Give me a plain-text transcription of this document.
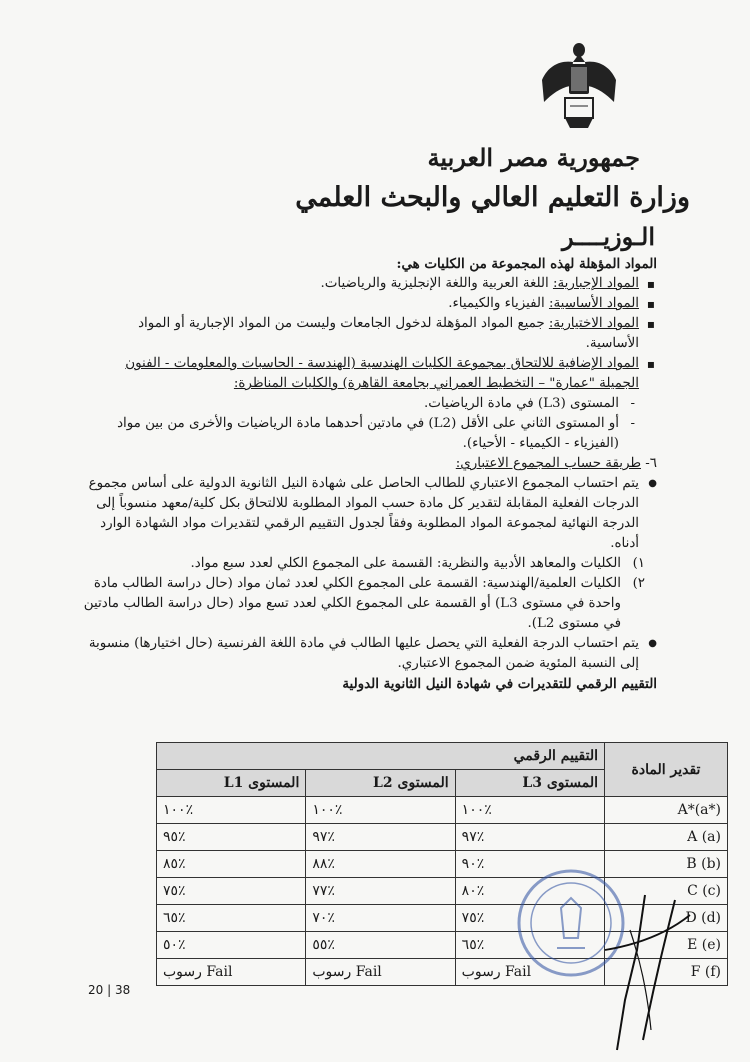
جمهورية مصر العربية
وزارة التعليم العالي والبحث العلمي
الـوزيــــر

المواد المؤهلة لهذه المجموعة من الكليات هي:

▪ المواد الإجبارية: اللغة العربية واللغة الإنجليزية والرياضيات.

▪ المواد الأساسية: الفيزياء والكيمياء.

▪ المواد الاختيارية: جميع المواد المؤهلة لدخول الجامعات وليست من المواد الإجبارية أو المواد الأساسية.

▪ المواد الإضافية للالتحاق بمجموعة الكليات الهندسية (الهندسة - الحاسبات والمعلومات - الفنون الجميلة "عمارة" – التخطيط العمراني بجامعة القاهرة) والكليات المناظرة:

- المستوى (L3) في مادة الرياضيات.

- أو المستوى الثاني على الأقل (L2) في مادتين أحدهما مادة الرياضيات والأخرى من بين مواد (الفيزياء - الكيمياء - الأحياء).

٦- طريقة حساب المجموع الاعتباري:

● يتم احتساب المجموع الاعتباري للطالب الحاصل على شهادة النيل الثانوية الدولية على أساس مجموع الدرجات الفعلية المقابلة لتقدير كل مادة حسب المواد المطلوبة للالتحاق بكل كلية/معهد منسوباً إلى الدرجة النهائية لمجموعة المواد المطلوبة وفقاً لجدول التقييم الرقمي لتقديرات مواد الشهادة الوارد أدناه.

١)
الكليات والمعاهد الأدبية والنظرية: القسمة على المجموع الكلي لعدد سبع مواد.

٢)
الكليات العلمية/الهندسية: القسمة على المجموع الكلي لعدد ثمان مواد (حال دراسة الطالب مادة واحدة في مستوى L3) أو القسمة على المجموع الكلي لعدد تسع مواد (حال دراسة الطالب مادتين في مستوى L2).

● يتم احتساب الدرجة الفعلية التي يحصل عليها الطالب في مادة اللغة الفرنسية (حال اختيارها) منسوبة إلى النسبة المئوية ضمن المجموع الاعتباري.

التقييم الرقمي للتقديرات في شهادة النيل الثانوية الدولية

تقدير المادة	التقييم الرقمي		
	المستوى L3	المستوى L2	المستوى L1
A*(a*)	٪١٠٠	٪١٠٠	٪١٠٠
A (a)	٪٩٧	٪٩٧	٪٩٥
B (b)	٪٩٠	٪٨٨	٪٨٥
C (c)	٪٨٠	٪٧٧	٪٧٥
D (d)	٪٧٥	٪٧٠	٪٦٥
E (e)	٪٦٥	٪٥٥	٪٥٠
F (f)	Fail رسوب	Fail رسوب	Fail رسوب
20 | 38
